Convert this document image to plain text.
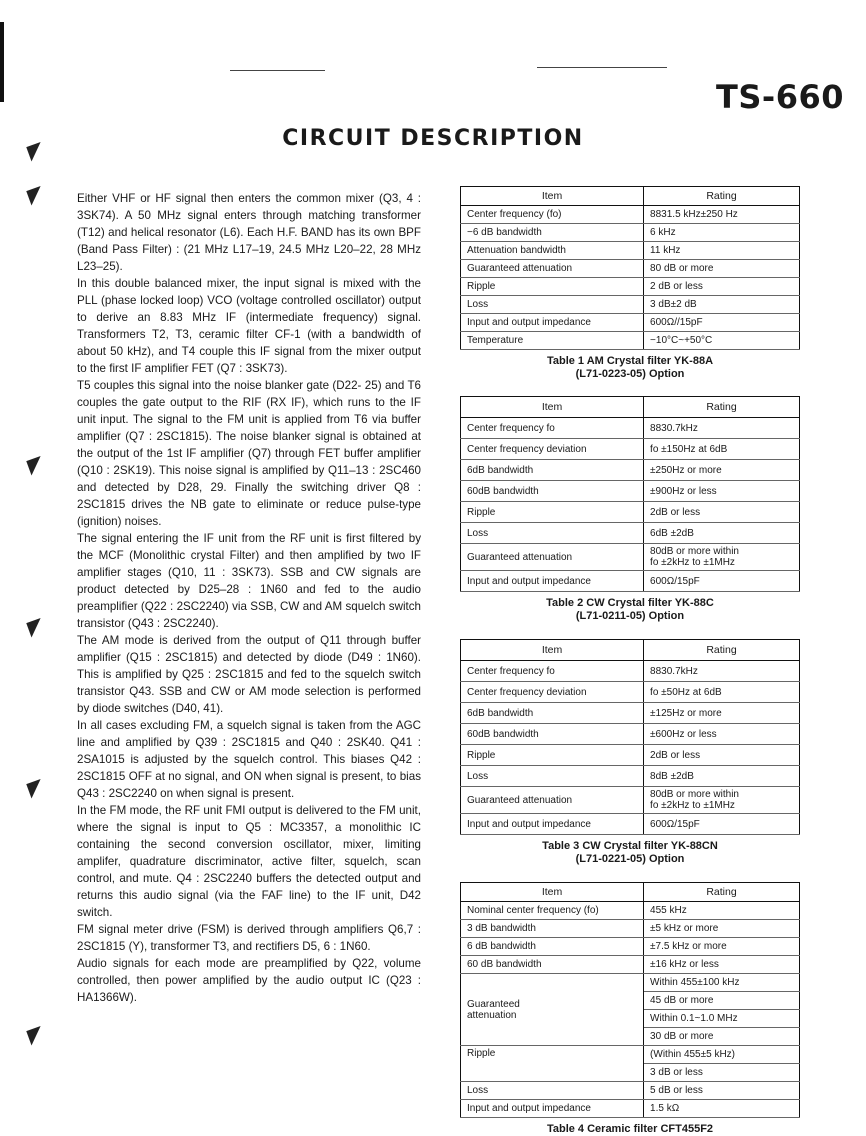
TS-660
CIRCUIT DESCRIPTION
◤
◤
◤
◤
◤
◤

Either VHF or HF signal then enters the common mixer (Q3, 4 : 3SK74). A 50 MHz signal enters through matching transformer (T12) and helical resonator (L6). Each H.F. BAND has its own BPF (Band Pass Filter) : (21 MHz L17–19, 24.5 MHz L20–22, 28 MHz L23–25).

In this double balanced mixer, the input signal is mixed with the PLL (phase locked loop) VCO (voltage controlled oscillator) output to derive an 8.83 MHz IF (intermediate frequency) signal. Transformers T2, T3, ceramic filter CF-1 (with a bandwidth of about 50 kHz), and T4 couple this IF signal from the mixer output to the first IF amplifier FET (Q7 : 3SK73).

T5 couples this signal into the noise blanker gate (D22- 25) and T6 couples the gate output to the RIF (RX IF), which runs to the IF unit input. The signal to the FM unit is applied from T6 via buffer amplifier (Q7 : 2SC1815). The noise blanker signal is obtained at the output of the 1st IF amplifier (Q7) through FET buffer amplifier (Q10 : 2SK19). This noise signal is amplified by Q11–13 : 2SC460 and detected by D28, 29. Finally the switching driver Q8 : 2SC1815 drives the NB gate to eliminate or reduce pulse-type (ignition) noises.

The signal entering the IF unit from the RF unit is first filtered by the MCF (Monolithic crystal Filter) and then amplified by two IF amplifier stages (Q10, 11 : 3SK73). SSB and CW signals are product detected by D25–28 : 1N60 and fed to the audio preamplifier (Q22 : 2SC2240) via SSB, CW and AM squelch switch transistor (Q43 : 2SC2240).

The AM mode is derived from the output of Q11 through buffer amplifier (Q15 : 2SC1815) and detected by diode (D49 : 1N60). This is amplified by Q25 : 2SC1815 and fed to the squelch switch transistor Q43. SSB and CW or AM mode selection is performed by diode switches (D40, 41).

In all cases excluding FM, a squelch signal is taken from the AGC line and amplified by Q39 : 2SC1815 and Q40 : 2SK40. Q41 : 2SA1015 is adjusted by the squelch control. This biases Q42 : 2SC1815 OFF at no signal, and ON when signal is present, to bias Q43 : 2SC2240 on when signal is present.

In the FM mode, the RF unit FMI output is delivered to the FM unit, where the signal is input to Q5 : MC3357, a monolithic IC containing the second conversion oscillator, mixer, limiting amplifer, quadrature discriminator, active filter, squelch, scan control, and mute. Q4 : 2SC2240 buffers the detected output and returns this audio signal (via the FAF line) to the IF unit, D42 switch.

FM signal meter drive (FSM) is derived through amplifiers Q6,7 : 2SC1815 (Y), transformer T3, and rectifiers D5, 6 : 1N60.

Audio signals for each mode are preamplified by Q22, volume controlled, then power amplified by the audio output IC (Q23 : HA1366W).

Item	Rating
Center frequency (fo)	8831.5 kHz±250 Hz
−6 dB bandwidth	6 kHz
Attenuation bandwidth	11 kHz
Guaranteed attenuation	80 dB or more
Ripple	2 dB or less
Loss	3 dB±2 dB
Input and output impedance	600Ω//15pF
Temperature	−10°C~+50°C
Table 1 AM Crystal filter YK-88A
(L71-0223-05) Option
Item	Rating
Center frequency fo	8830.7kHz
Center frequency deviation	fo ±150Hz at 6dB
6dB bandwidth	±250Hz or more
60dB bandwidth	±900Hz or less
Ripple	2dB or less
Loss	6dB ±2dB
Guaranteed attenuation	80dB or more within
fo ±2kHz to ±1MHz

Input and output impedance	600Ω/15pF
Table 2 CW Crystal filter YK-88C
(L71-0211-05) Option
Item	Rating
Center frequency fo	8830.7kHz
Center frequency deviation	fo ±50Hz at 6dB
6dB bandwidth	±125Hz or more
60dB bandwidth	±600Hz or less
Ripple	2dB or less
Loss	8dB ±2dB
Guaranteed attenuation	80dB or more within
fo ±2kHz to ±1MHz

Input and output impedance	600Ω/15pF
Table 3 CW Crystal filter YK-88CN
(L71-0221-05) Option
Item	Rating
Nominal center frequency (fo)	455 kHz
3 dB bandwidth	±5 kHz or more
6 dB bandwidth	±7.5 kHz or more
60 dB bandwidth	±16 kHz or less

Guaranteed
attenuation	Within 455±100 kHz
	45 dB or more
	Within 0.1~1.0 MHz
	30 dB or more
Ripple	(Within 455±5 kHz)
	3 dB or less
Loss	5 dB or less
Input and output impedance	1.5 kΩ
Table 4 Ceramic filter CFT455F2
